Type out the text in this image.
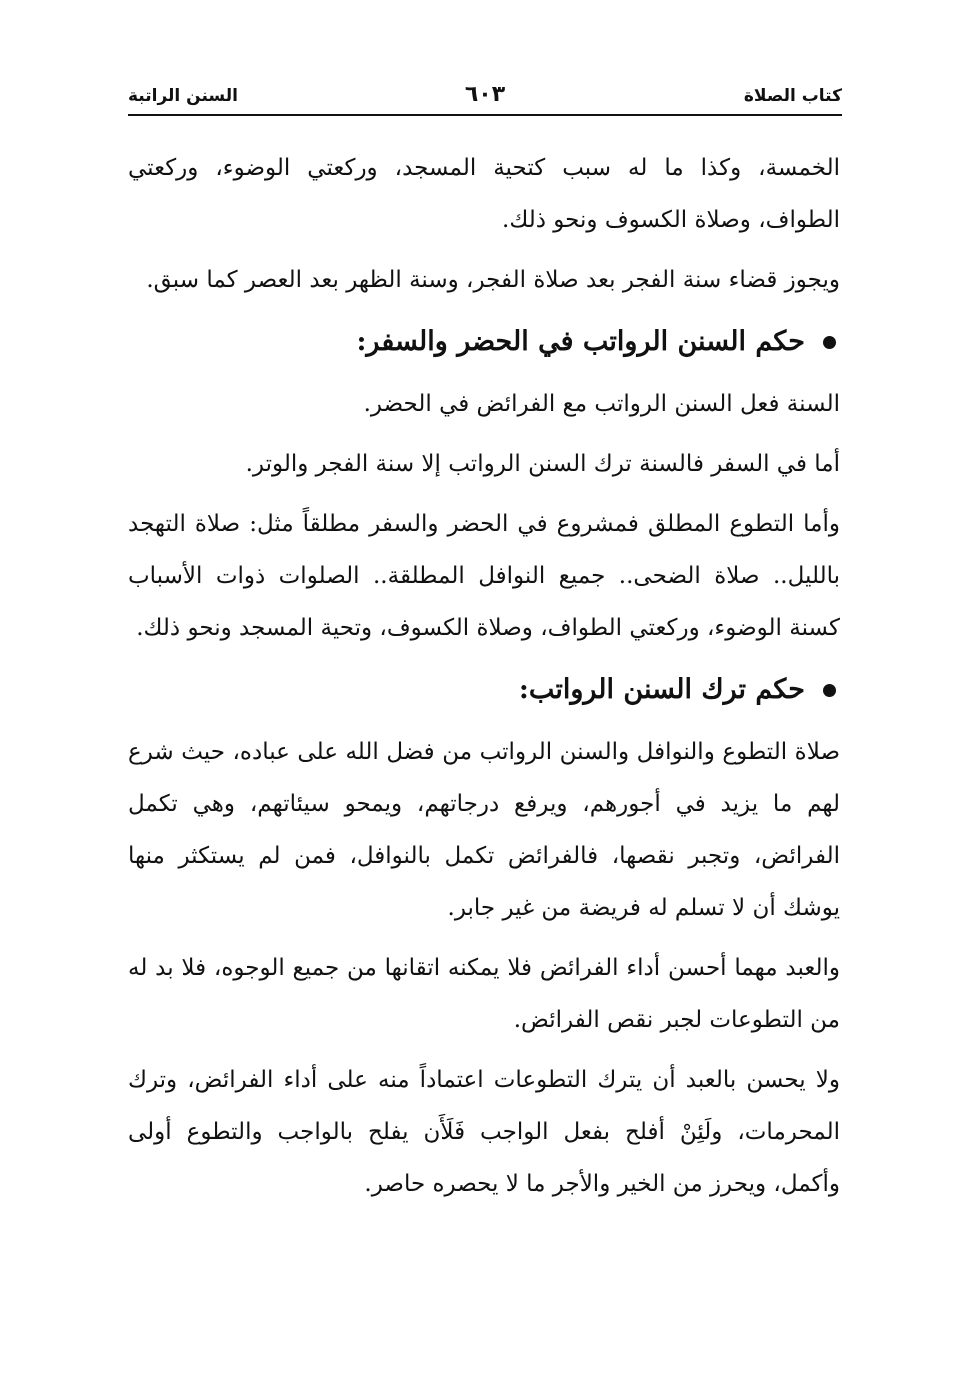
كتاب الصلاة
٦٠٣
السنن الراتبة

الخمسة، وكذا ما له سبب كتحية المسجد، وركعتي الوضوء، وركعتي الطواف، وصلاة الكسوف ونحو ذلك.

ويجوز قضاء سنة الفجر بعد صلاة الفجر، وسنة الظهر بعد العصر كما سبق.

حكم السنن الرواتب في الحضر والسفر:

السنة فعل السنن الرواتب مع الفرائض في الحضر.

أما في السفر فالسنة ترك السنن الرواتب إلا سنة الفجر والوتر.

وأما التطوع المطلق فمشروع في الحضر والسفر مطلقاً مثل: صلاة التهجد بالليل.. صلاة الضحى.. جميع النوافل المطلقة.. الصلوات ذوات الأسباب كسنة الوضوء، وركعتي الطواف، وصلاة الكسوف، وتحية المسجد ونحو ذلك.

حكم ترك السنن الرواتب:

صلاة التطوع والنوافل والسنن الرواتب من فضل الله على عباده، حيث شرع لهم ما يزيد في أجورهم، ويرفع درجاتهم، ويمحو سيئاتهم، وهي تكمل الفرائض، وتجبر نقصها، فالفرائض تكمل بالنوافل، فمن لم يستكثر منها يوشك أن لا تسلم له فريضة من غير جابر.

والعبد مهما أحسن أداء الفرائض فلا يمكنه اتقانها من جميع الوجوه، فلا بد له من التطوعات لجبر نقص الفرائض.

ولا يحسن بالعبد أن يترك التطوعات اعتماداً منه على أداء الفرائض، وترك المحرمات، ولَئِنْ أفلح بفعل الواجب فَلَأَن يفلح بالواجب والتطوع أولى وأكمل، ويحرز من الخير والأجر ما لا يحصره حاصر.
